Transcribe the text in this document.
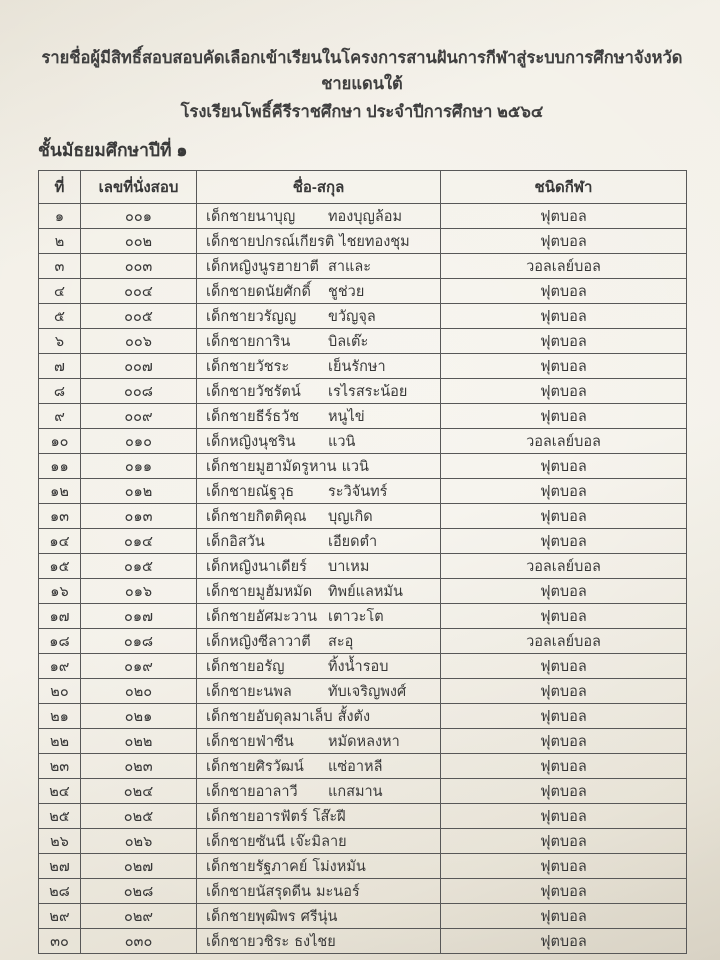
รายชื่อผู้มีสิทธิ์สอบสอบคัดเลือกเข้าเรียนในโครงการสานฝันการกีฬาสู่ระบบการศึกษาจังหวัดชายแดนใต้
โรงเรียนโพธิ์คีรีราชศึกษา ประจำปีการศึกษา ๒๕๖๔
ชั้นมัธยมศึกษาปีที่ ๑
ที่	เลขที่นั่งสอบ	ชื่อ-สกุล	ชนิดกีฬา
๑	๐๐๑	เด็กชายนาบุญ ทองบุญล้อม	ฟุตบอล
๒	๐๐๒	เด็กชายปกรณ์เกียรติ ไชยทองชุม	ฟุตบอล
๓	๐๐๓	เด็กหญิงนูรฮายาตี สาและ	วอลเลย์บอล
๔	๐๐๔	เด็กชายดนัยศักดิ์ ชูช่วย	ฟุตบอล
๕	๐๐๕	เด็กชายวรัญญ ขวัญจุล	ฟุตบอล
๖	๐๐๖	เด็กชายการิน บิลเต๊ะ	ฟุตบอล
๗	๐๐๗	เด็กชายวัชระ เย็นรักษา	ฟุตบอล
๘	๐๐๘	เด็กชายวัชรัตน์ เรไรสระน้อย	ฟุตบอล
๙	๐๐๙	เด็กชายธีร์ธวัช หนูไข่	ฟุตบอล
๑๐	๐๑๐	เด็กหญิงนุชริน แวนิ	วอลเลย์บอล
๑๑	๐๑๑	เด็กชายมูฮามัดรูหาน แวนิ	ฟุตบอล
๑๒	๐๑๒	เด็กชายณัฐวุธ ระวิจันทร์	ฟุตบอล
๑๓	๐๑๓	เด็กชายกิตติคุณ บุญเกิด	ฟุตบอล
๑๔	๐๑๔	เด็กอิสวัน เอียดตำ	ฟุตบอล
๑๕	๐๑๕	เด็กหญิงนาเดียร์ บาเหม	วอลเลย์บอล
๑๖	๐๑๖	เด็กชายมูฮัมหมัด ทิพย์แลหมัน	ฟุตบอล
๑๗	๐๑๗	เด็กชายอัศมะวาน เตาวะโต	ฟุตบอล
๑๘	๐๑๘	เด็กหญิงซีลาวาตี สะอุ	วอลเลย์บอล
๑๙	๐๑๙	เด็กชายอรัญ ทิ้งน้ำรอบ	ฟุตบอล
๒๐	๐๒๐	เด็กชายะนพล ทับเจริญพงศ์	ฟุตบอล
๒๑	๐๒๑	เด็กชายอับดุลมาเล็บ สั้งตัง	ฟุตบอล
๒๒	๐๒๒	เด็กชายฟ่าซีน หมัดหลงหา	ฟุตบอล
๒๓	๐๒๓	เด็กชายศิรวัฒน์ แซ่อาหลี	ฟุตบอล
๒๔	๐๒๔	เด็กชายอาลาวี แกสมาน	ฟุตบอล
๒๕	๐๒๕	เด็กชายอารฟัตร์ โส๊ะฝี	ฟุตบอล
๒๖	๐๒๖	เด็กชายซันนี เจ๊ะมิลาย	ฟุตบอล
๒๗	๐๒๗	เด็กชายรัฐภาคย์ โม่งหมัน	ฟุตบอล
๒๘	๐๒๘	เด็กชายนัสรุดดีน มะนอร์	ฟุตบอล
๒๙	๐๒๙	เด็กชายพุฒิพร ศรีนุ่น	ฟุตบอล
๓๐	๐๓๐	เด็กชายวชิระ ธงไชย	ฟุตบอล
